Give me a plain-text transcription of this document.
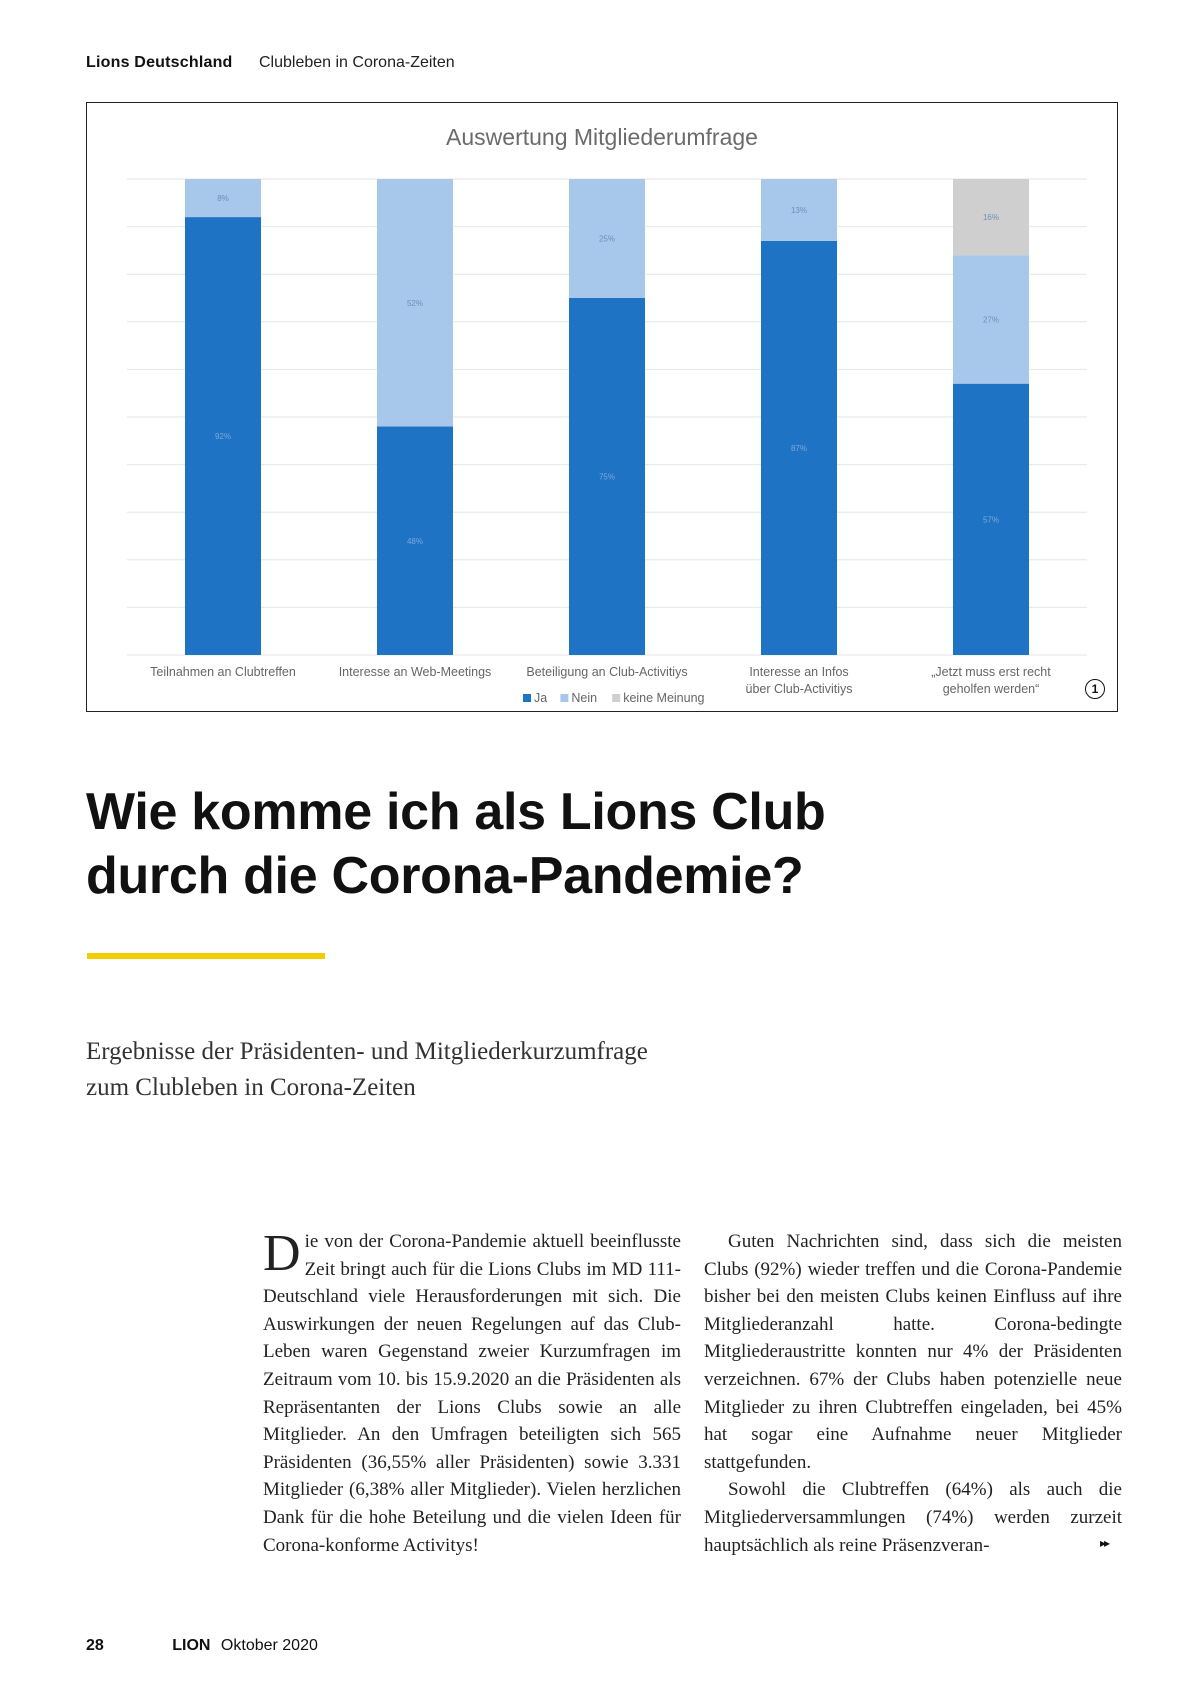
Lions Deutschland Clubleben in Corona-Zeiten
Auswertung Mitgliederumfrage
92%
8%
Teilnahmen an Clubtreffen
48%
52%
Interesse an Web-Meetings
75%
25%
Beteiligung an Club-Activitiys
87%
13%
Interesse an Infos
über Club-Activitiys
57%
27%
16%
„Jetzt muss erst recht
geholfen werden“
Ja Nein keine Meinung
1
Wie komme ich als Lions Club
durch die Corona-Pandemie?
Ergebnisse der Präsidenten- und Mitgliederkurzumfrage
zum Clubleben in Corona-Zeiten

Die von der Corona-Pandemie aktuell beeinflusste Zeit bringt auch für die Lions Clubs im MD 111-Deutschland viele Herausforderungen mit sich. Die Auswirkungen der neuen Regelungen auf das Club-Leben waren Gegenstand zweier Kurzumfragen im Zeitraum vom 10. bis 15.9.2020 an die Präsidenten als Repräsentanten der Lions Clubs sowie an alle Mitglieder. An den Umfragen beteiligten sich 565 Präsidenten (36,55% aller Präsidenten) sowie 3.331 Mitglieder (6,38% aller Mitglieder). Vielen herzlichen Dank für die hohe Beteilung und die vielen Ideen für Corona-konforme Activitys!

Guten Nachrichten sind, dass sich die meisten Clubs (92%) wieder treffen und die Corona-Pandemie bisher bei den meisten Clubs keinen Einfluss auf ihre Mitgliederanzahl hatte. Corona-bedingte Mitgliederaustritte konnten nur 4% der Präsidenten verzeichnen. 67% der Clubs haben potenzielle neue Mitglieder zu ihren Clubtreffen eingeladen, bei 45% hat sogar eine Aufnahme neuer Mitglieder stattgefunden.

Sowohl die Clubtreffen (64%) als auch die Mitgliederversammlungen (74%) werden zurzeit hauptsächlich als reine Präsenzveran-	▸▸
28	LION Oktober 2020
